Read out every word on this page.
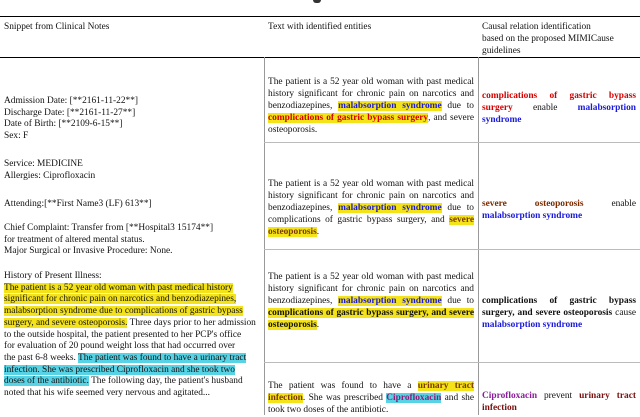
Snippet from Clinical Notes	Text with identified entities	Causal relation identification
based on the proposed MIMICause
guidelines

Admission Date: [**2161-11-22**]

Discharge Date: [**2161-11-27**]

Date of Birth: [**2109-6-15**]

Sex: F

Service: MEDICINE

Allergies: Ciprofloxacin

Attending:[**First Name3 (LF) 613**]

Chief Complaint: Transfer from [**Hospital3 15174**]

for treatment of altered mental status.

Major Surgical or Invasive Procedure: None.

History of Present Illness:

The patient is a 52 year old woman with past medical history

significant for chronic pain on narcotics and benzodiazepines,

malabsorption syndrome due to complications of gastric bypass

surgery, and severe osteoporosis. Three days prior to her admission

to the outside hospital, the patient presented to her PCP's office

for evaluation of 20 pound weight loss that had occurred over

the past 6-8 weeks. The patient was found to have a urinary tract

infection. She was prescribed Ciprofloxacin and she took two

doses of the antibiotic. The following day, the patient's husband

noted that his wife seemed very nervous and agitated...

The patient is a 52 year old woman with past medical history significant for chronic pain on narcotics and benzodiazepines, malabsorption syndrome due to complications of gastric bypass surgery, and severe osteoporosis.
complications of gastric bypass surgery enable malabsorption syndrome
The patient is a 52 year old woman with past medical history significant for chronic pain on narcotics and benzodiazepines, malabsorption syndrome due to complications of gastric bypass surgery, and severe osteoporosis.
severe osteoporosis enable malabsorption syndrome
The patient is a 52 year old woman with past medical history significant for chronic pain on narcotics and benzodiazepines, malabsorption syndrome due to complications of gastric bypass surgery, and severe osteoporosis.
complications of gastric bypass surgery, and severe osteoporosis cause malabsorption syndrome
The patient was found to have a urinary tract infection. She was prescribed Ciprofloxacin and she took two doses of the antibiotic.
Ciprofloxacin prevent urinary tract infection
